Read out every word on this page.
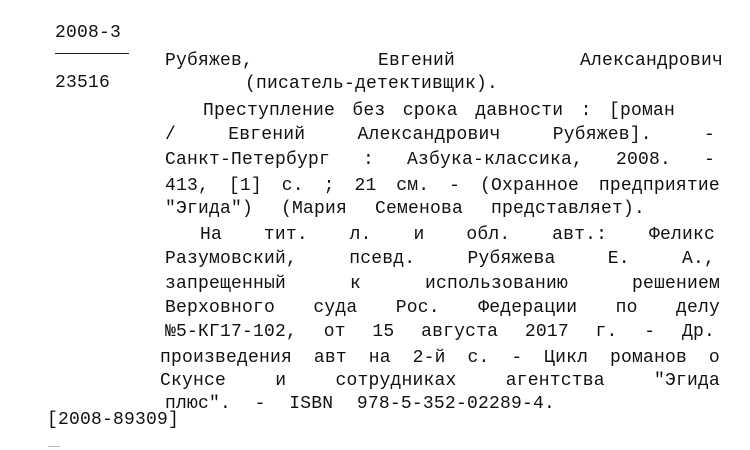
2008-3
23516
Рубяжев,	Евгений	Александрович
(писатель-детективщик).
Преступление без срока давности : [роман
/	Евгений	Александрович	Рубяжев].	-
Санкт-Петербург : Азбука-классика, 2008. -
413, [1] с. ; 21 см. - (Охранное предприятие
"Эгида") (Мария Семенова представляет).
На тит. л. и обл. авт.: Феликс
Разумовский,	псевд.	Рубяжева	Е.	А.,
запрещенный	к	использованию	решением
Верховного суда Рос. Федерации по делу
№5-КГ17-102, от 15 августа 2017 г. - Др.
произведения авт на 2-й с. - Цикл романов о
Скунсе	и	сотрудниках	агентства	"Эгида
плюс". - ISBN 978-5-352-02289-4.
[2008-89309]
